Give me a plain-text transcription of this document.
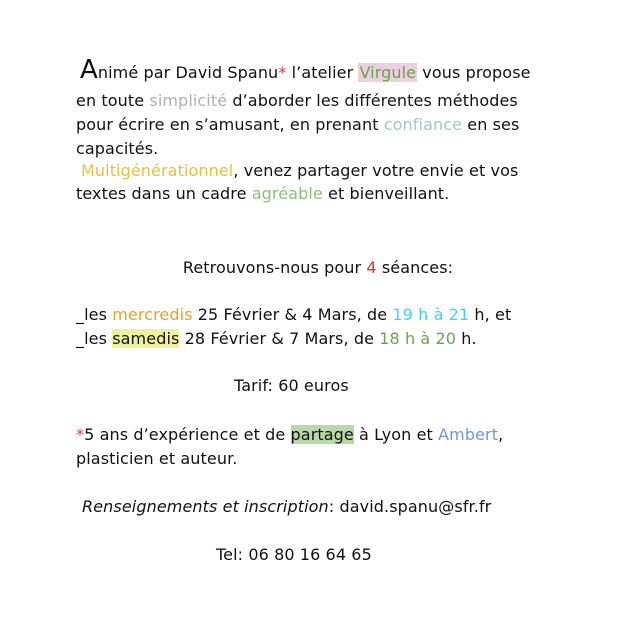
Animé par David Spanu* l’atelier Virgule vous propose
en toute simplicité d’aborder les différentes méthodes
pour écrire en s’amusant, en prenant confiance en ses
capacités.
Multigénérationnel, venez partager votre envie et vos
textes dans un cadre agréable et bienveillant.
Retrouvons-nous pour 4 séances:
_les mercredis 25 Février & 4 Mars, de 19 h à 21 h, et
_les samedis 28 Février & 7 Mars, de 18 h à 20 h.
Tarif: 60 euros
*5 ans d’expérience et de partage à Lyon et Ambert,
plasticien et auteur.
Renseignements et inscription: david.spanu@sfr.fr
Tel: 06 80 16 64 65
